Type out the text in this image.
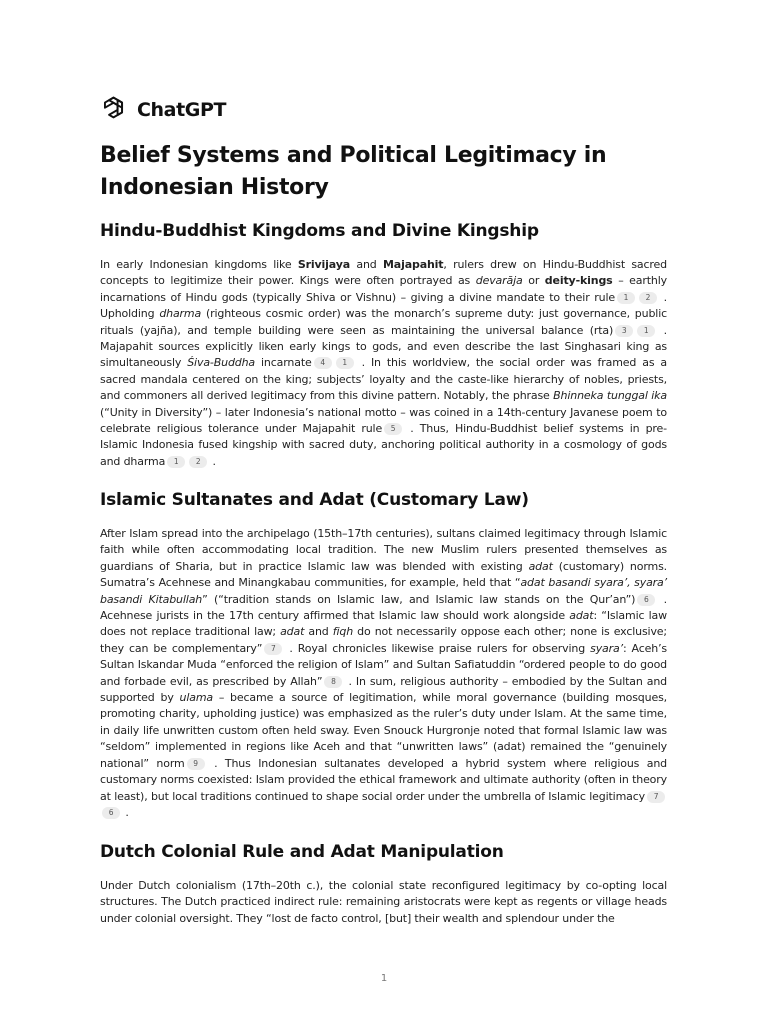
ChatGPT
Belief Systems and Political Legitimacy in Indonesian History
Hindu-Buddhist Kingdoms and Divine Kingship

In early Indonesian kingdoms like Srivijaya and Majapahit, rulers drew on Hindu-Buddhist sacred concepts to legitimize their power. Kings were often portrayed as devarāja or deity-kings – earthly incarnations of Hindu gods (typically Shiva or Vishnu) – giving a divine mandate to their rule 1 2 . Upholding dharma (righteous cosmic order) was the monarch’s supreme duty: just governance, public rituals (yajña), and temple building were seen as maintaining the universal balance (rta) 3 1 . Majapahit sources explicitly liken early kings to gods, and even describe the last Singhasari king as simultaneously Śiva-Buddha incarnate 4 1 . In this worldview, the social order was framed as a sacred mandala centered on the king; subjects’ loyalty and the caste-like hierarchy of nobles, priests, and commoners all derived legitimacy from this divine pattern. Notably, the phrase Bhinneka tunggal ika (“Unity in Diversity”) – later Indonesia’s national motto – was coined in a 14th-century Javanese poem to celebrate religious tolerance under Majapahit rule 5 . Thus, Hindu-Buddhist belief systems in pre-Islamic Indonesia fused kingship with sacred duty, anchoring political authority in a cosmology of gods and dharma 1 2 .

Islamic Sultanates and Adat (Customary Law)

After Islam spread into the archipelago (15th–17th centuries), sultans claimed legitimacy through Islamic faith while often accommodating local tradition. The new Muslim rulers presented themselves as guardians of Sharia, but in practice Islamic law was blended with existing adat (customary) norms. Sumatra’s Acehnese and Minangkabau communities, for example, held that “adat basandi syara’, syara’ basandi Kitabullah” (“tradition stands on Islamic law, and Islamic law stands on the Qur’an”) 6 . Acehnese jurists in the 17th century affirmed that Islamic law should work alongside adat: “Islamic law does not replace traditional law; adat and fiqh do not necessarily oppose each other; none is exclusive; they can be complementary” 7 . Royal chronicles likewise praise rulers for observing syara’: Aceh’s Sultan Iskandar Muda “enforced the religion of Islam” and Sultan Safiatuddin “ordered people to do good and forbade evil, as prescribed by Allah” 8 . In sum, religious authority – embodied by the Sultan and supported by ulama – became a source of legitimation, while moral governance (building mosques, promoting charity, upholding justice) was emphasized as the ruler’s duty under Islam. At the same time, in daily life unwritten custom often held sway. Even Snouck Hurgronje noted that formal Islamic law was “seldom” implemented in regions like Aceh and that “unwritten laws” (adat) remained the “genuinely national” norm 9 . Thus Indonesian sultanates developed a hybrid system where religious and customary norms coexisted: Islam provided the ethical framework and ultimate authority (often in theory at least), but local traditions continued to shape social order under the umbrella of Islamic legitimacy 76 .

Dutch Colonial Rule and Adat Manipulation

Under Dutch colonialism (17th–20th c.), the colonial state reconfigured legitimacy by co-opting local structures. The Dutch practiced indirect rule: remaining aristocrats were kept as regents or village heads under colonial oversight. They “lost de facto control, [but] their wealth and splendour under the

1
